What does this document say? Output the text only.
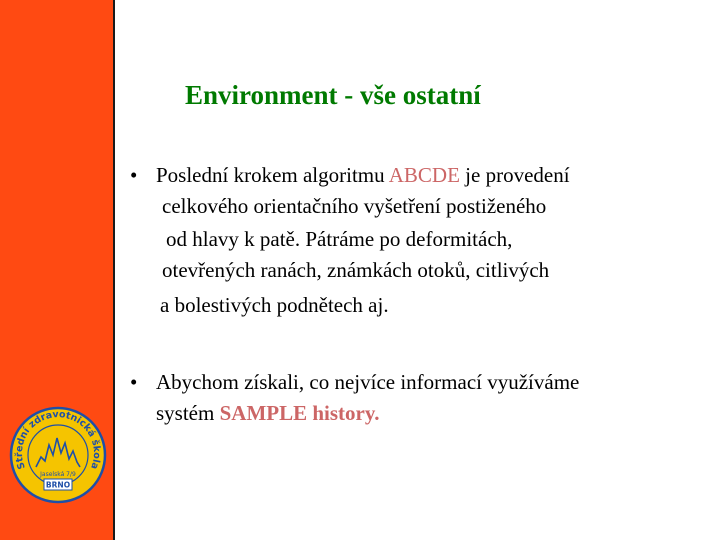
Střední zdravotnická škola
Jaselská 7/9
BRNO
Environment - vše ostatní
• Poslední krokem algoritmu ABCDE je provedení
celkového orientačního vyšetření postiženého
od hlavy k patě. Pátráme po deformitách,
otevřených ranách, známkách otoků, citlivých
a bolestivých podnětech aj.
• Abychom získali, co nejvíce informací využíváme
systém SAMPLE history.
